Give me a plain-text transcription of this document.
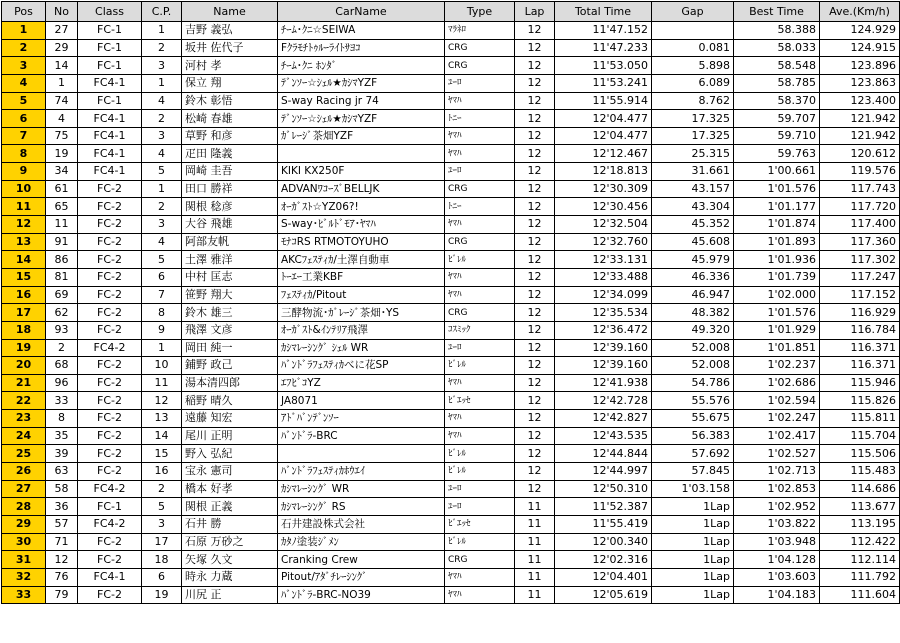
Pos	No	Class	C.P.	Name	CarName	Type	Lap	Total Time	Gap	Best Time	Ave.(Km/h)
1	27	FC-1	1	吉野 義弘	ﾁｰﾑ･ｸﾆ☆SEIWA	ﾏﾗﾈﾛ	12	11'47.152		58.388	124.929
2	29	FC-1	2	坂井 佐代子	Fｸﾗﾓﾁﾄｩﾙｰﾗｲﾄｻﾖｺ	CRG	12	11'47.233	0.081	58.033	124.915
3	14	FC-1	3	河村 孝	ﾁｰﾑ･ｸﾆ ﾎﾝﾀﾞ	CRG	12	11'53.050	5.898	58.548	123.896
4	1	FC4-1	1	保立 翔	ﾃﾞﾝｿｰ☆ｼｪﾙ★ｶｼﾏYZF	ﾕｰﾛ	12	11'53.241	6.089	58.785	123.863
5	74	FC-1	4	鈴木 彰悟	S-way Racing jr 74	ﾔﾏﾊ	12	11'55.914	8.762	58.370	123.400
6	4	FC4-1	2	松崎 春雄	ﾃﾞﾝｿｰ☆ｼｪﾙ★ｶｼﾏYZF	ﾄﾆｰ	12	12'04.477	17.325	59.707	121.942
7	75	FC4-1	3	草野 和彦	ｶﾞﾚｰｼﾞ茶畑YZF	ﾔﾏﾊ	12	12'04.477	17.325	59.710	121.942
8	19	FC4-1	4	疋田 隆義		ﾔﾏﾊ	12	12'12.467	25.315	59.763	120.612
9	34	FC4-1	5	岡崎 圭吾	KIKI KX250F	ﾕｰﾛ	12	12'18.813	31.661	1'00.661	119.576
10	61	FC-2	1	田口 勝祥	ADVANﾜｺｰｽﾞBELLJK	CRG	12	12'30.309	43.157	1'01.576	117.743
11	65	FC-2	2	関根 稔彦	ｵｰｶﾞｽﾄ☆YZ06?!	ﾄﾆｰ	12	12'30.456	43.304	1'01.177	117.720
12	11	FC-2	3	大谷 飛雄	S-way･ﾋﾞﾙﾄﾞﾓｱ･ﾔﾏﾊ	ﾔﾏﾊ	12	12'32.504	45.352	1'01.874	117.400
13	91	FC-2	4	阿部友帆	ﾓﾅｺRS RTMOTOYUHO	CRG	12	12'32.760	45.608	1'01.893	117.360
14	86	FC-2	5	土澤 雅洋	AKCﾌｪｽﾃｨｶ/土澤自動車	ﾋﾞﾚﾙ	12	12'33.131	45.979	1'01.936	117.302
15	81	FC-2	6	中村 匡志	ﾄｰｴｰ工業KBF	ﾔﾏﾊ	12	12'33.488	46.336	1'01.739	117.247
16	69	FC-2	7	笹野 翔大	ﾌｪｽﾃｨｶ/Pitout	ﾔﾏﾊ	12	12'34.099	46.947	1'02.000	117.152
17	62	FC-2	8	鈴木 雄三	三酵物流･ｶﾞﾚｰｼﾞ茶畑･YS	CRG	12	12'35.534	48.382	1'01.576	116.929
18	93	FC-2	9	飛澤 文彦	ｵｰｶﾞｽﾄ&ｲﾝﾃﾘｱ飛澤	ｺｽﾐｯｸ	12	12'36.472	49.320	1'01.929	116.784
19	2	FC4-2	1	岡田 純一	ｶｼﾏﾚｰｼﾝｸﾞ ｼｪﾙ WR	ﾕｰﾛ	12	12'39.160	52.008	1'01.851	116.371
20	68	FC-2	10	鋪野 政己	ﾊﾞﾝﾄﾞﾗﾌｪｽﾃｨｶべに花SP	ﾋﾞﾚﾙ	12	12'39.160	52.008	1'02.237	116.371
21	96	FC-2	11	湯本清四郎	ｴﾌﾋﾞｺYZ	ﾔﾏﾊ	12	12'41.938	54.786	1'02.686	115.946
22	33	FC-2	12	稲野 晴久	JA8071	ﾋﾞｴｯｾ	12	12'42.728	55.576	1'02.594	115.826
23	8	FC-2	13	遠藤 知宏	ｱﾄﾞﾊﾞﾝﾃﾞﾝｿｰ	ﾔﾏﾊ	12	12'42.827	55.675	1'02.247	115.811
24	35	FC-2	14	尾川 正明	ﾊﾞﾝﾄﾞﾗ-BRC	ﾔﾏﾊ	12	12'43.535	56.383	1'02.417	115.704
25	39	FC-2	15	野入 弘紀		ﾋﾞﾚﾙ	12	12'44.844	57.692	1'02.527	115.506
26	63	FC-2	16	宝永 憲司	ﾊﾞﾝﾄﾞﾗﾌｪｽﾃｨｶﾎｳｴｲ	ﾋﾞﾚﾙ	12	12'44.997	57.845	1'02.713	115.483
27	58	FC4-2	2	橋本 好孝	ｶｼﾏﾚｰｼﾝｸﾞ WR	ﾕｰﾛ	12	12'50.310	1'03.158	1'02.853	114.686
28	36	FC-1	5	関根 正義	ｶｼﾏﾚｰｼﾝｸﾞ RS	ﾕｰﾛ	11	11'52.387	1Lap	1'02.952	113.677
29	57	FC4-2	3	石井 勝	石井建設株式会社	ﾋﾞｴｯｾ	11	11'55.419	1Lap	1'03.822	113.195
30	71	FC-2	17	石原 万砂之	ｶﾀﾉ塗装ｼﾞﾒﾝ	ﾋﾞﾚﾙ	11	12'00.340	1Lap	1'03.948	112.422
31	12	FC-2	18	矢塚 久文	Cranking Crew	CRG	11	12'02.316	1Lap	1'04.128	112.114
32	76	FC4-1	6	時永 力蔵	Pitout/ｱﾀﾞﾁﾚｰｼﾝｸﾞ	ﾔﾏﾊ	11	12'04.401	1Lap	1'03.603	111.792
33	79	FC-2	19	川尻 正	ﾊﾞﾝﾄﾞﾗ-BRC-NO39	ﾔﾏﾊ	11	12'05.619	1Lap	1'04.183	111.604
